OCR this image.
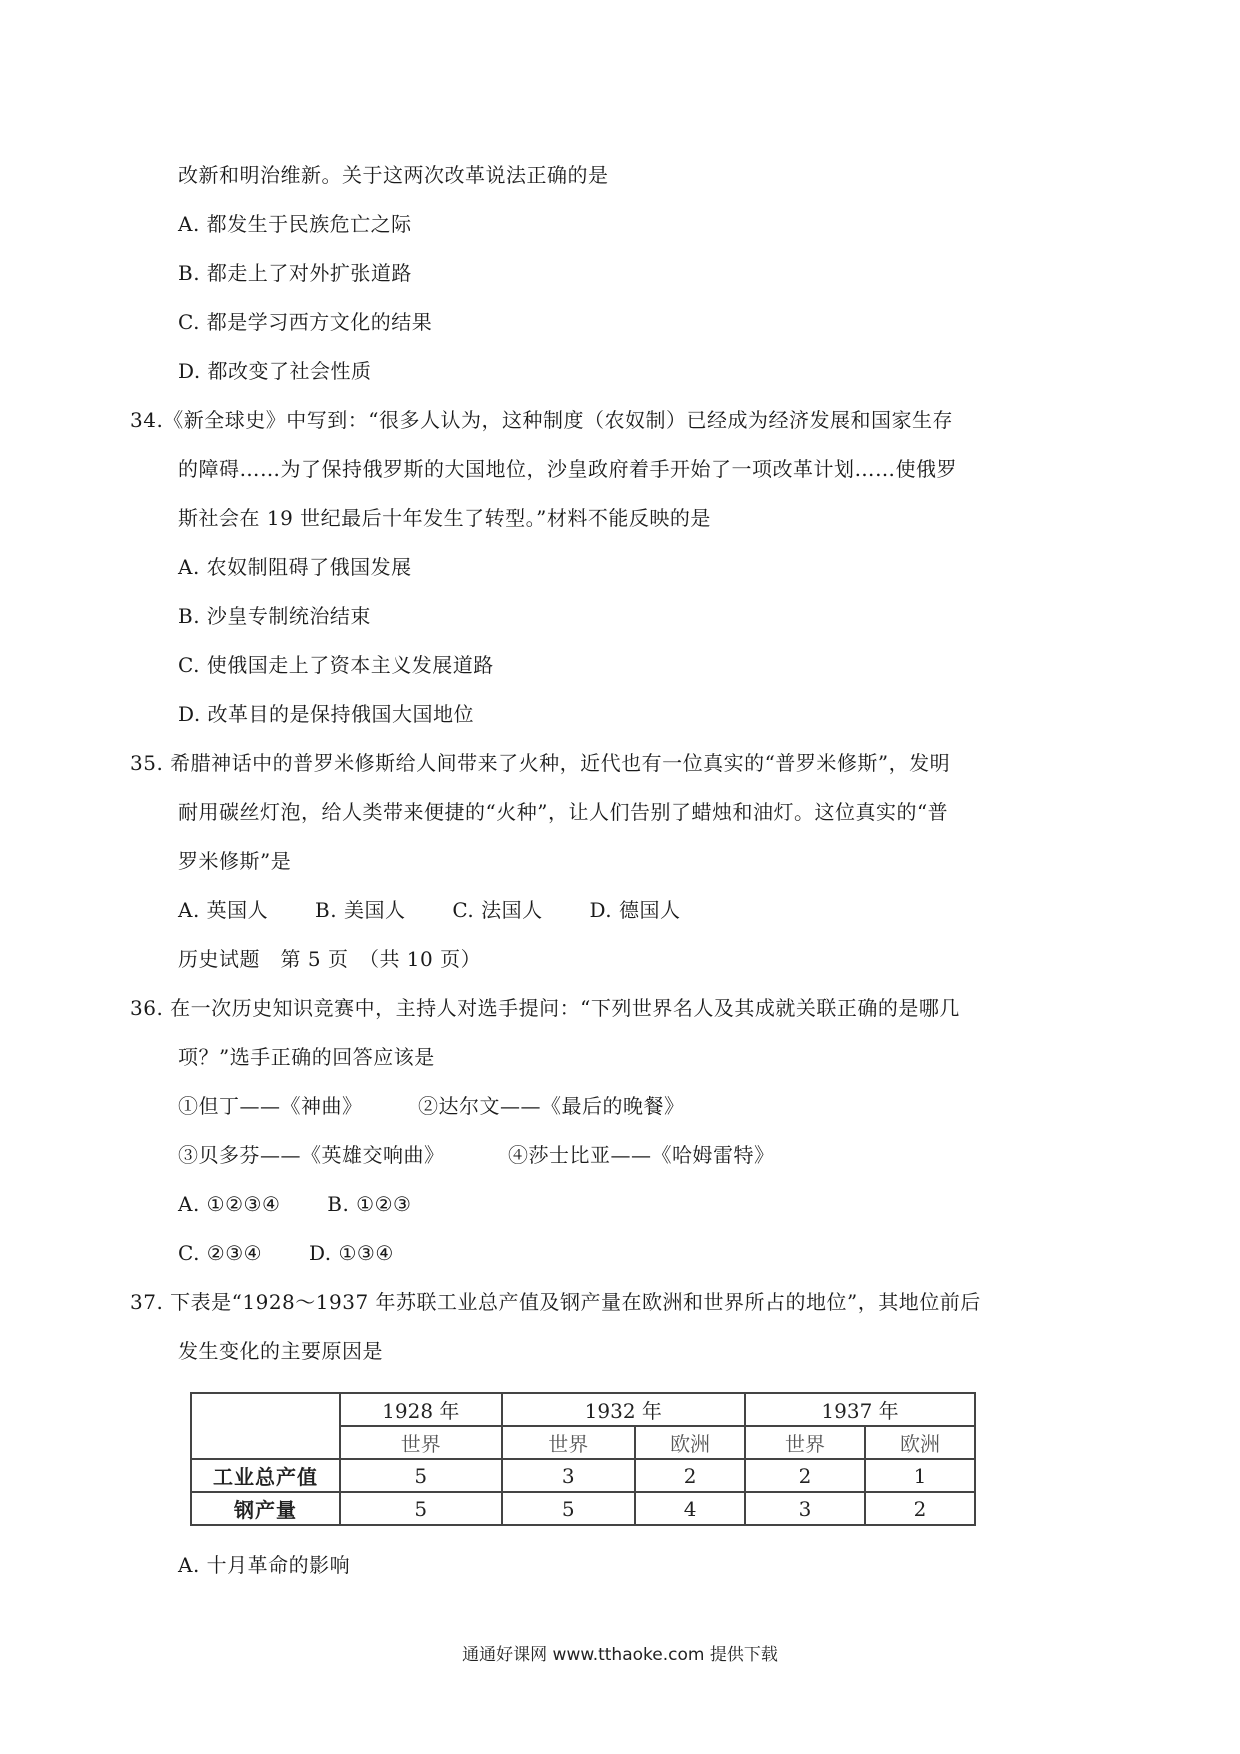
改新和明治维新。关于这两次改革说法正确的是
A. 都发生于民族危亡之际
B. 都走上了对外扩张道路
C. 都是学习西方文化的结果
D. 都改变了社会性质
34.《新全球史》中写到：“很多人认为，这种制度（农奴制）已经成为经济发展和国家生存
的障碍……为了保持俄罗斯的大国地位，沙皇政府着手开始了一项改革计划……使俄罗
斯社会在 19 世纪最后十年发生了转型。”材料不能反映的是
A. 农奴制阻碍了俄国发展
B. 沙皇专制统治结束
C. 使俄国走上了资本主义发展道路
D. 改革目的是保持俄国大国地位
35. 希腊神话中的普罗米修斯给人间带来了火种，近代也有一位真实的“普罗米修斯”，发明
耐用碳丝灯泡，给人类带来便捷的“火种”，让人们告别了蜡烛和油灯。这位真实的“普
罗米修斯”是
A. 英国人 B. 美国人 C. 法国人 D. 德国人
历史试题　第 5 页　（共 10 页）
36. 在一次历史知识竞赛中，主持人对选手提问：“下列世界名人及其成就关联正确的是哪几
项？”选手正确的回答应该是
①但丁——《神曲》	②达尔文——《最后的晚餐》
③贝多芬——《英雄交响曲》	④莎士比亚——《哈姆雷特》
A. ①②③④ B. ①②③
C. ②③④ D. ①③④
37. 下表是“1928～1937 年苏联工业总产值及钢产量在欧洲和世界所占的地位”，其地位前后
发生变化的主要原因是
	1928 年	1932 年		1937 年	
	世界	世界	欧洲	世界	欧洲
工业总产值	5	3	2	2	1
钢产量	5	5	4	3	2
A. 十月革命的影响
通通好课网 www.tthaoke.com 提供下载
